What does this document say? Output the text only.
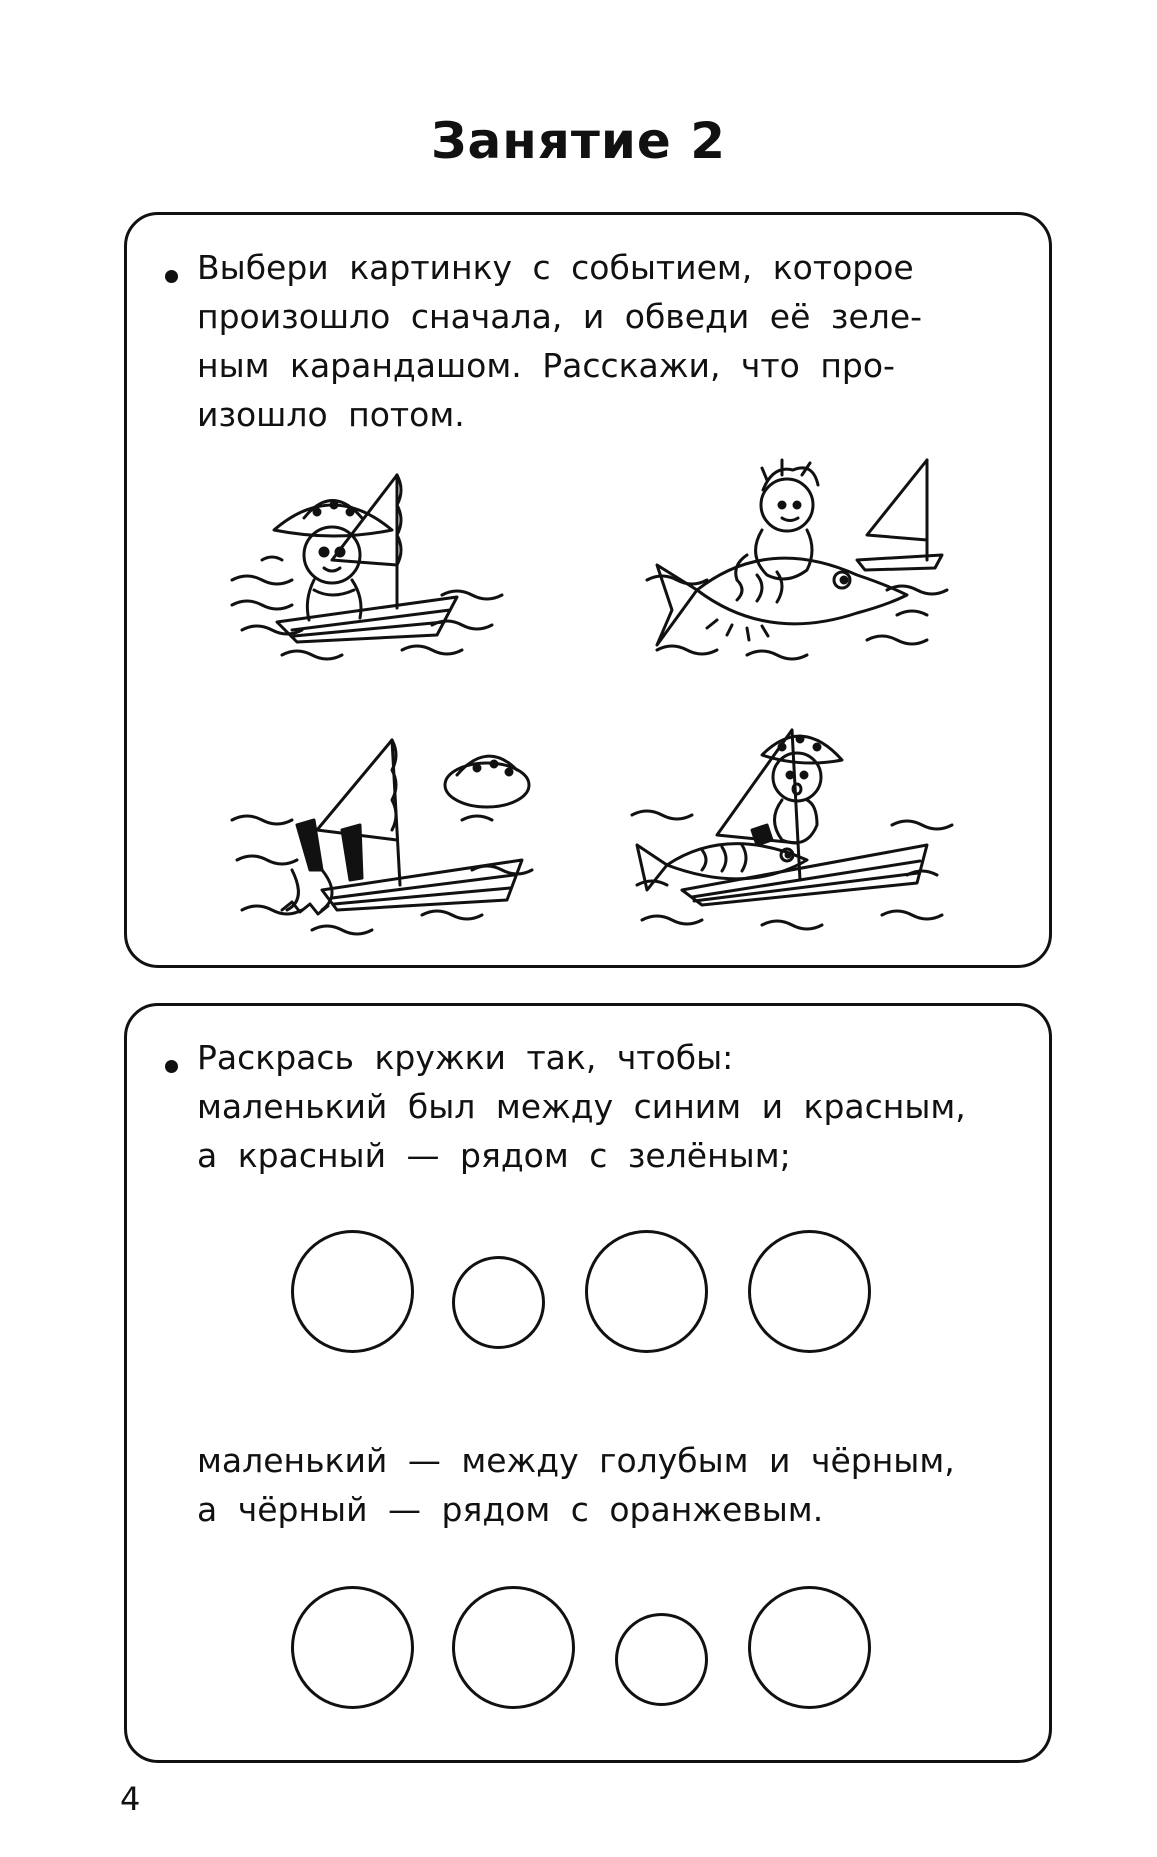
Занятие 2

Выбери картинку с событием, которое

произошло сначала, и обведи её зеле-

ным карандашом. Расскажи, что про-

изошло потом.

Раскрась кружки так, чтобы:

маленький был между синим и красным,

а красный — рядом с зелёным;

маленький — между голубым и чёрным,

а чёрный — рядом с оранжевым.

4
